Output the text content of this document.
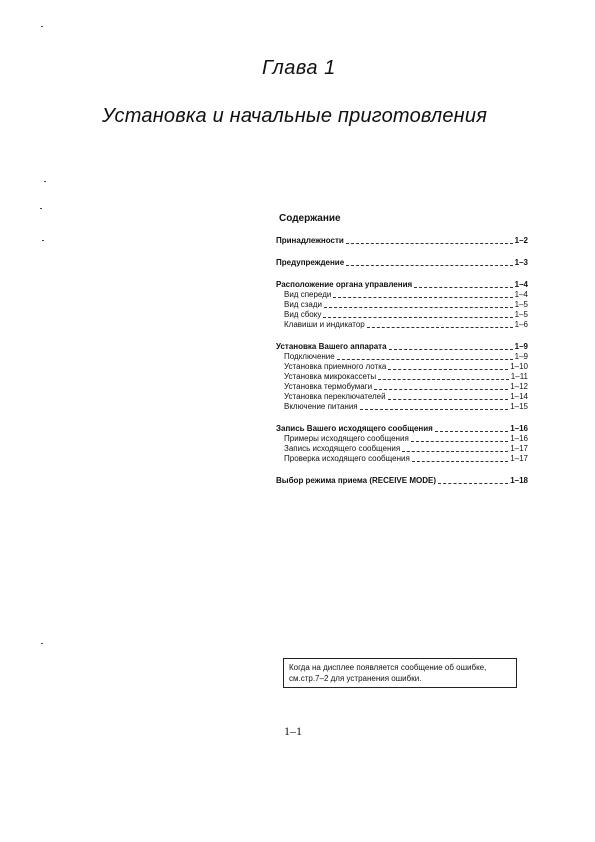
Глава 1
Установка и начальные приготовления
Содержание
Принадлежности	1–2
Предупреждение	1–3
Расположение органа управления	1–4
Вид спереди	1–4
Вид сзади	1–5
Вид сбоку	1–5
Клавиши и индикатор	1–6
Установка Вашего аппарата	1–9
Подключение	1–9
Установка приемного лотка	1–10
Установка микрокассеты	1–11
Установка термобумаги	1–12
Установка переключателей	1–14
Включение питания	1–15
Запись Вашего исходящего сообщения	1–16
Примеры исходящего сообщения	1–16
Запись исходящего сообщения	1–17
Проверка исходящего сообщения	1–17
Выбор режима приема (RECEIVE MODE)	1–18
Когда на дисплее появляется сообщение об ошибке,
см.стр.7–2 для устранения ошибки.
1–1
